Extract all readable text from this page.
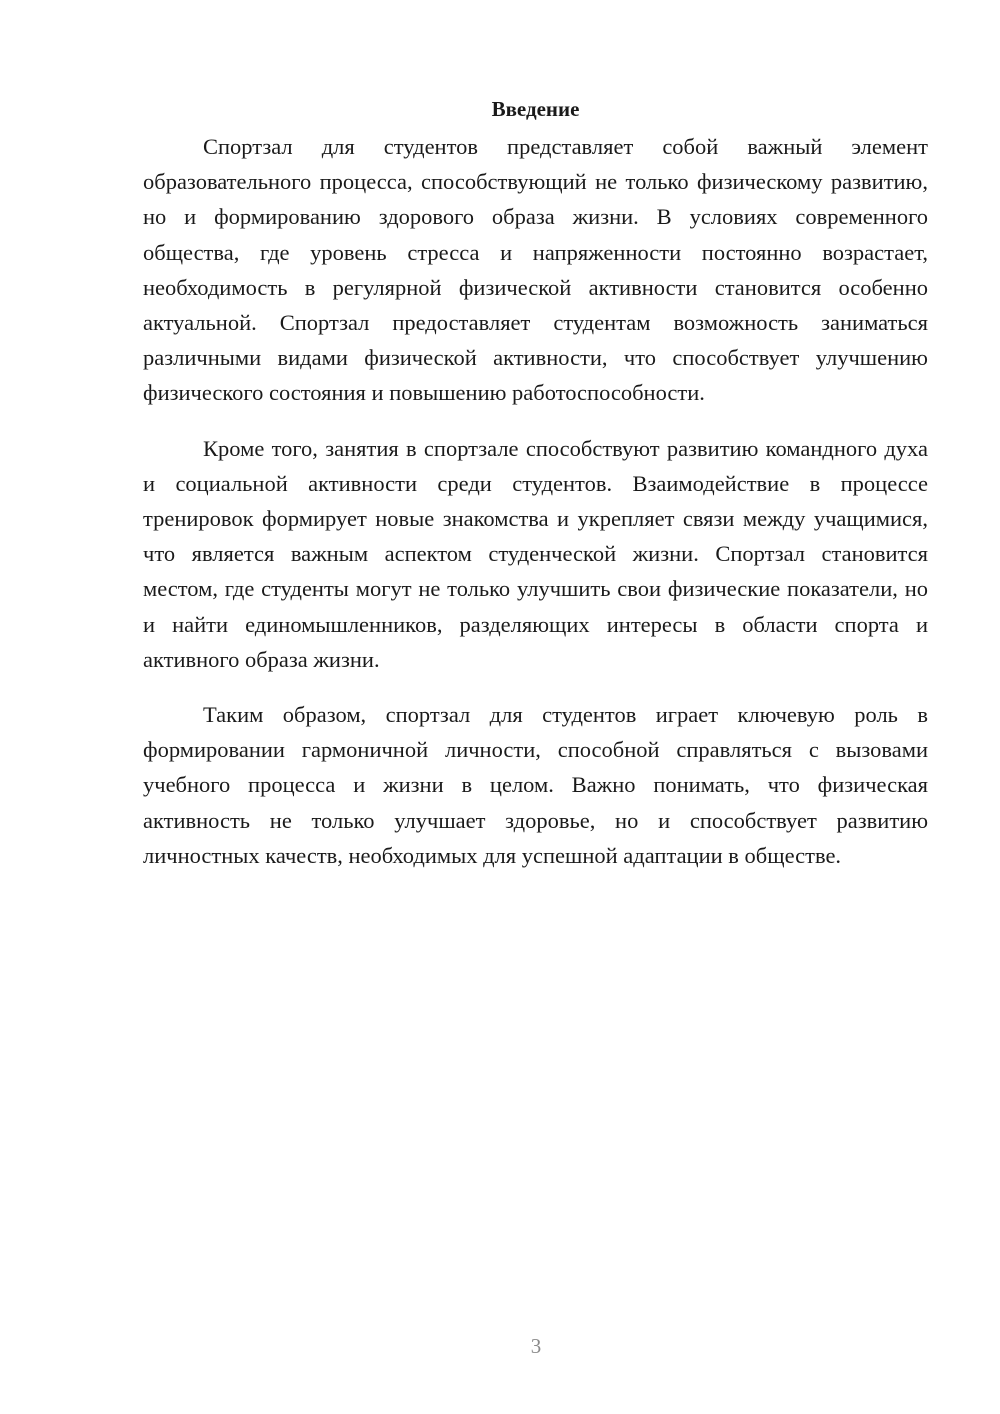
Введение

Спортзал для студентов представляет собой важный элемент образовательного процесса, способствующий не только физическому развитию, но и формированию здорового образа жизни. В условиях современного общества, где уровень стресса и напряженности постоянно возрастает, необходимость в регулярной физической активности становится особенно актуальной. Спортзал предоставляет студентам возможность заниматься различными видами физической активности, что способствует улучшению физического состояния и повышению работоспособности.

Кроме того, занятия в спортзале способствуют развитию командного духа и социальной активности среди студентов. Взаимодействие в процессе тренировок формирует новые знакомства и укрепляет связи между учащимися, что является важным аспектом студенческой жизни. Спортзал становится местом, где студенты могут не только улучшить свои физические показатели, но и найти единомышленников, разделяющих интересы в области спорта и активного образа жизни.

Таким образом, спортзал для студентов играет ключевую роль в формировании гармоничной личности, способной справляться с вызовами учебного процесса и жизни в целом. Важно понимать, что физическая активность не только улучшает здоровье, но и способствует развитию личностных качеств, необходимых для успешной адаптации в обществе.

3
